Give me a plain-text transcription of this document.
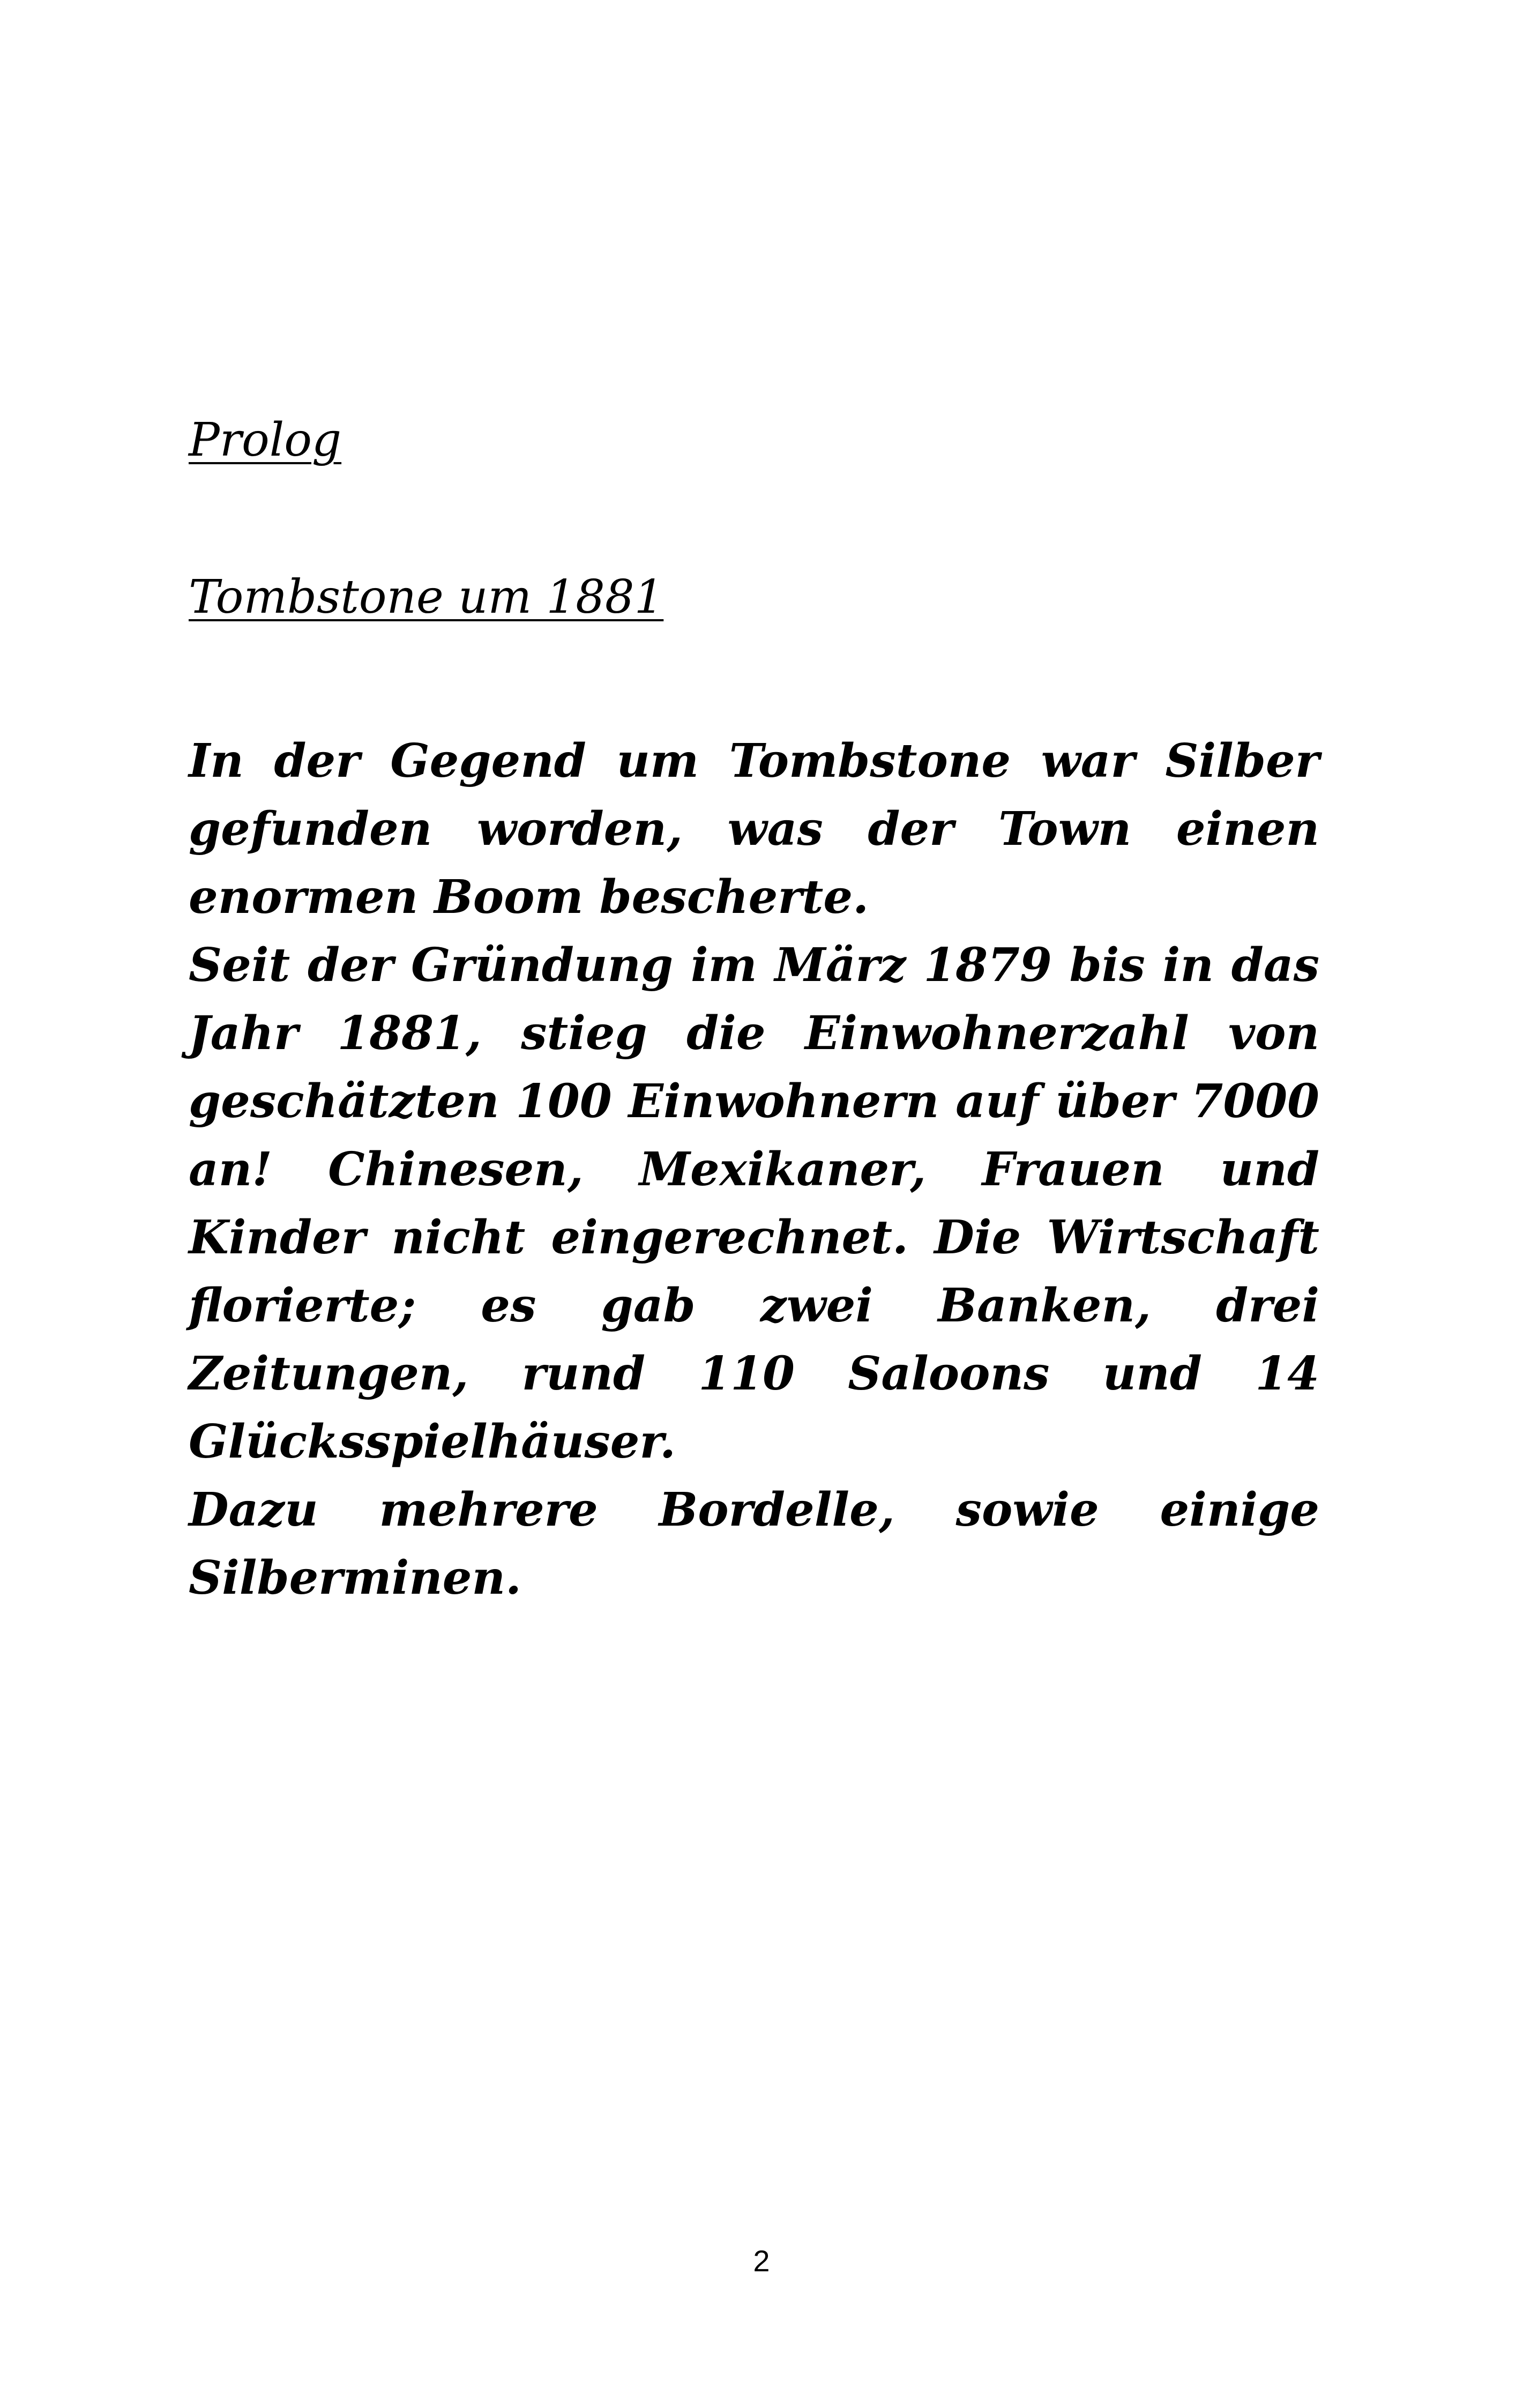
Prolog
Tombstone um 1881

In der Gegend um Tombstone war Silber gefunden worden, was der Town einen enormen Boom bescherte.

Seit der Gründung im März 1879 bis in das Jahr 1881, stieg die Einwohnerzahl von geschätzten 100 Einwohnern auf über 7000 an! Chinesen, Mexikaner, Frauen und Kinder nicht eingerechnet. Die Wirtschaft florierte; es gab zwei Banken, drei Zeitungen, rund 110 Saloons und 14 Glücksspielhäuser.

Dazu mehrere Bordelle, sowie einige Silberminen.

2
